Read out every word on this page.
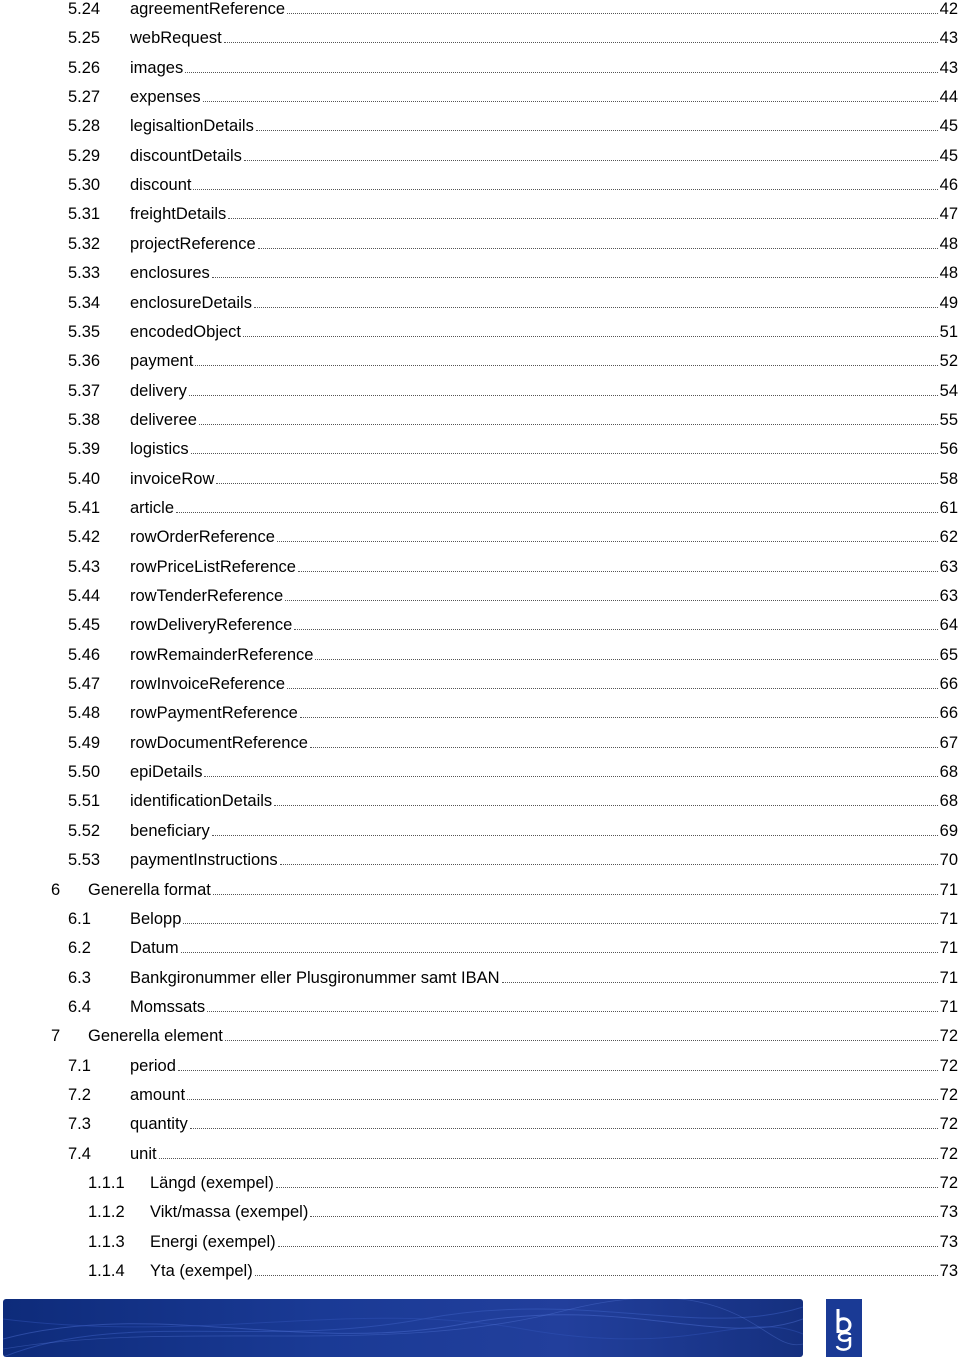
5.24	agreementReference	42
5.25	webRequest	43
5.26	images	43
5.27	expenses	44
5.28	legisaltionDetails	45
5.29	discountDetails	45
5.30	discount	46
5.31	freightDetails	47
5.32	projectReference	48
5.33	enclosures	48
5.34	enclosureDetails	49
5.35	encodedObject	51
5.36	payment	52
5.37	delivery	54
5.38	deliveree	55
5.39	logistics	56
5.40	invoiceRow	58
5.41	article	61
5.42	rowOrderReference	62
5.43	rowPriceListReference	63
5.44	rowTenderReference	63
5.45	rowDeliveryReference	64
5.46	rowRemainderReference	65
5.47	rowInvoiceReference	66
5.48	rowPaymentReference	66
5.49	rowDocumentReference	67
5.50	epiDetails	68
5.51	identificationDetails	68
5.52	beneficiary	69
5.53	paymentInstructions	70
6	Generella format	71
6.1	Belopp	71
6.2	Datum	71
6.3	Bankgironummer eller Plusgironummer samt IBAN	71
6.4	Momssats	71
7	Generella element	72
7.1	period	72
7.2	amount	72
7.3	quantity	72
7.4	unit	72
1.1.1	Längd (exempel)	72
1.1.2	Vikt/massa (exempel)	73
1.1.3	Energi (exempel)	73
1.1.4	Yta (exempel)	73
